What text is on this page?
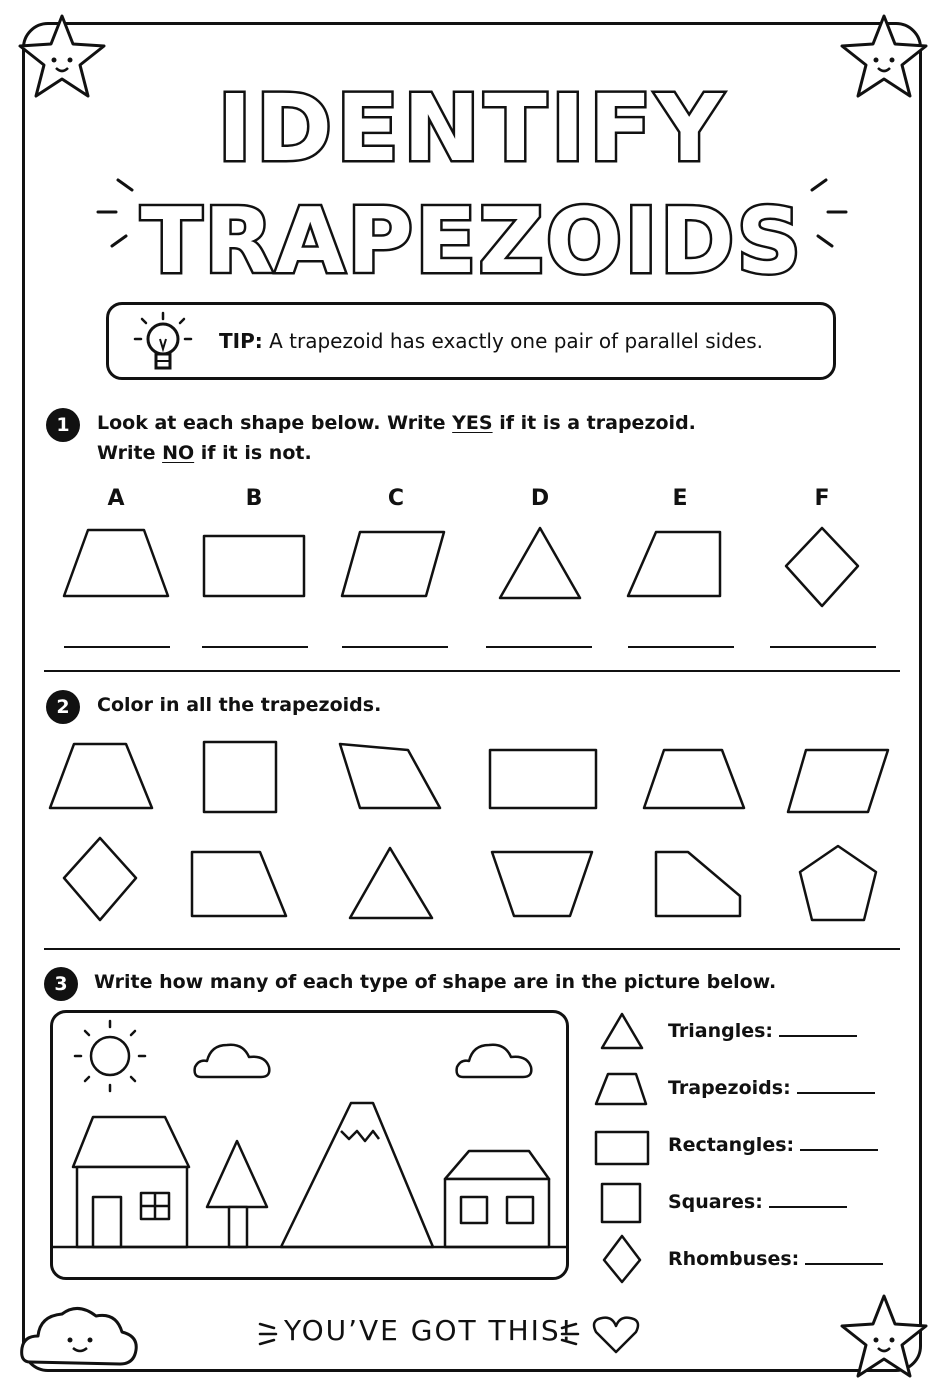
IDENTIFY
TRAPEZOIDS
TIP: A trapezoid has exactly one pair of parallel sides.
1	Look at each shape below. Write YES if it is a trapezoid.
Write NO if it is not.
A	B	C	D	E	F
2	Color in all the trapezoids.
3	Write how many of each type of shape are in the picture below.
Triangles:
Trapezoids:
Rectangles:
Squares:
Rhombuses:
YOU’VE GOT THIS!
